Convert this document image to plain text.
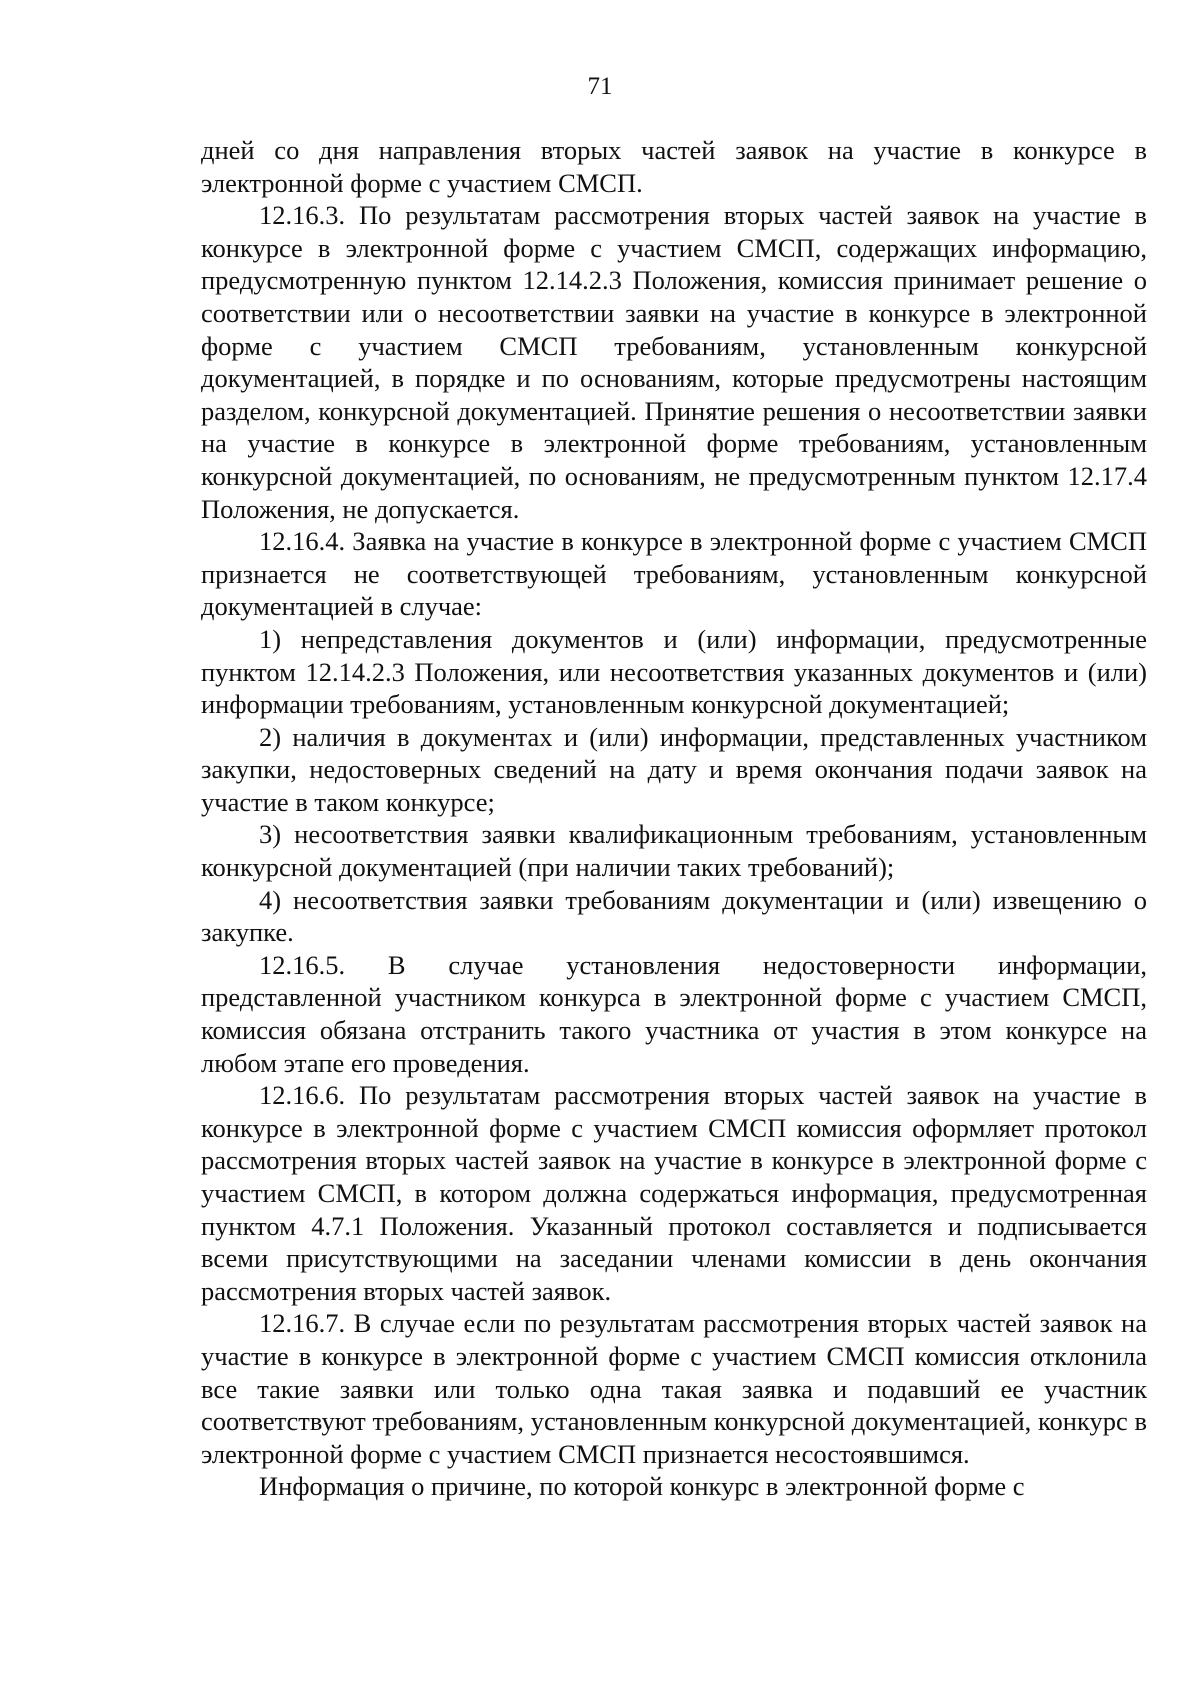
71

дней со дня направления вторых частей заявок на участие в конкурсе в электронной форме с участием СМСП.

12.16.3. По результатам рассмотрения вторых частей заявок на участие в конкурсе в электронной форме с участием СМСП, содержащих информацию, предусмотренную пунктом 12.14.2.3 Положения, комиссия принимает решение о соответствии или о несоответствии заявки на участие в конкурсе в электронной форме с участием СМСП требованиям, установленным конкурсной документацией, в порядке и по основаниям, которые предусмотрены настоящим разделом, конкурсной документацией. Принятие решения о несоответствии заявки на участие в конкурсе в электронной форме требованиям, установленным конкурсной документацией, по основаниям, не предусмотренным пунктом 12.17.4 Положения, не допускается.

12.16.4. Заявка на участие в конкурсе в электронной форме с участием СМСП признается не соответствующей требованиям, установленным конкурсной документацией в случае:

1) непредставления документов и (или) информации, предусмотренные пунктом 12.14.2.3 Положения, или несоответствия указанных документов и (или) информации требованиям, установленным конкурсной документацией;

2) наличия в документах и (или) информации, представленных участником закупки, недостоверных сведений на дату и время окончания подачи заявок на участие в таком конкурсе;

3) несоответствия заявки квалификационным требованиям, установленным конкурсной документацией (при наличии таких требований);

4) несоответствия заявки требованиям документации и (или) извещению о закупке.

12.16.5. В случае установления недостоверности информации, представленной участником конкурса в электронной форме с участием СМСП, комиссия обязана отстранить такого участника от участия в этом конкурсе на любом этапе его проведения.

12.16.6. По результатам рассмотрения вторых частей заявок на участие в конкурсе в электронной форме с участием СМСП комиссия оформляет протокол рассмотрения вторых частей заявок на участие в конкурсе в электронной форме с участием СМСП, в котором должна содержаться информация, предусмотренная пунктом 4.7.1 Положения. Указанный протокол составляется и подписывается всеми присутствующими на заседании членами комиссии в день окончания рассмотрения вторых частей заявок.

12.16.7. В случае если по результатам рассмотрения вторых частей заявок на участие в конкурсе в электронной форме с участием СМСП комиссия отклонила все такие заявки или только одна такая заявка и подавший ее участник соответствуют требованиям, установленным конкурсной документацией, конкурс в электронной форме с участием СМСП признается несостоявшимся.

Информация о причине, по которой конкурс в электронной форме с
